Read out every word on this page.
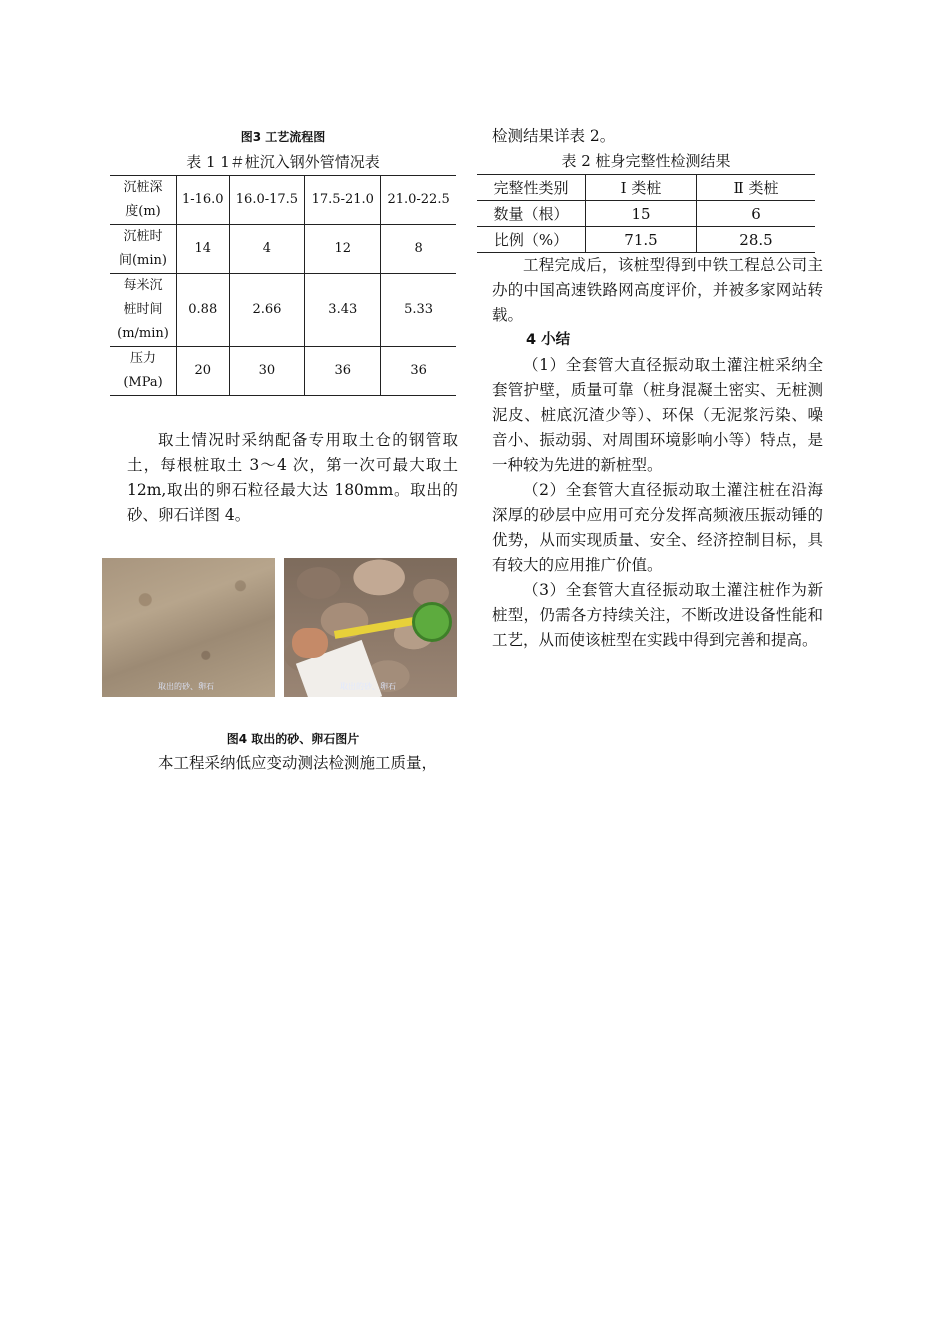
图3 工艺流程图
表 1 1＃桩沉入钢外管情况表
沉桩深
度(m)	1-16.0	16.0-17.5	17.5-21.0	21.0-22.5
沉桩时
间(min)	14	4	12	8
每米沉
桩时间
(m/min)	0.88	2.66	3.43	5.33
压力
(MPa)	20	30	36	36

取土情况时采纳配备专用取土仓的钢管取土，每根桩取土 3～4 次，第一次可最大取土 12m,取出的卵石粒径最大达 180mm。取出的砂、卵石详图 4。

取出的砂、卵石	取出的砂、卵石
图4 取出的砂、卵石图片

本工程采纳低应变动测法检测施工质量，

检测结果详表 2。
表 2 桩身完整性检测结果
完整性类别	Ⅰ 类桩	Ⅱ 类桩
数量（根）	15	6
比例（%）	71.5	28.5

工程完成后，该桩型得到中铁工程总公司主办的中国高速铁路网高度评价，并被多家网站转载。

4 小结

（1）全套管大直径振动取土灌注桩采纳全套管护壁，质量可靠（桩身混凝土密实、无桩测泥皮、桩底沉渣少等）、环保（无泥浆污染、噪音小、振动弱、对周围环境影响小等）特点，是一种较为先进的新桩型。

（2）全套管大直径振动取土灌注桩在沿海深厚的砂层中应用可充分发挥高频液压振动锤的优势，从而实现质量、安全、经济控制目标，具有较大的应用推广价值。

（3）全套管大直径振动取土灌注桩作为新桩型，仍需各方持续关注，不断改进设备性能和工艺，从而使该桩型在实践中得到完善和提高。
